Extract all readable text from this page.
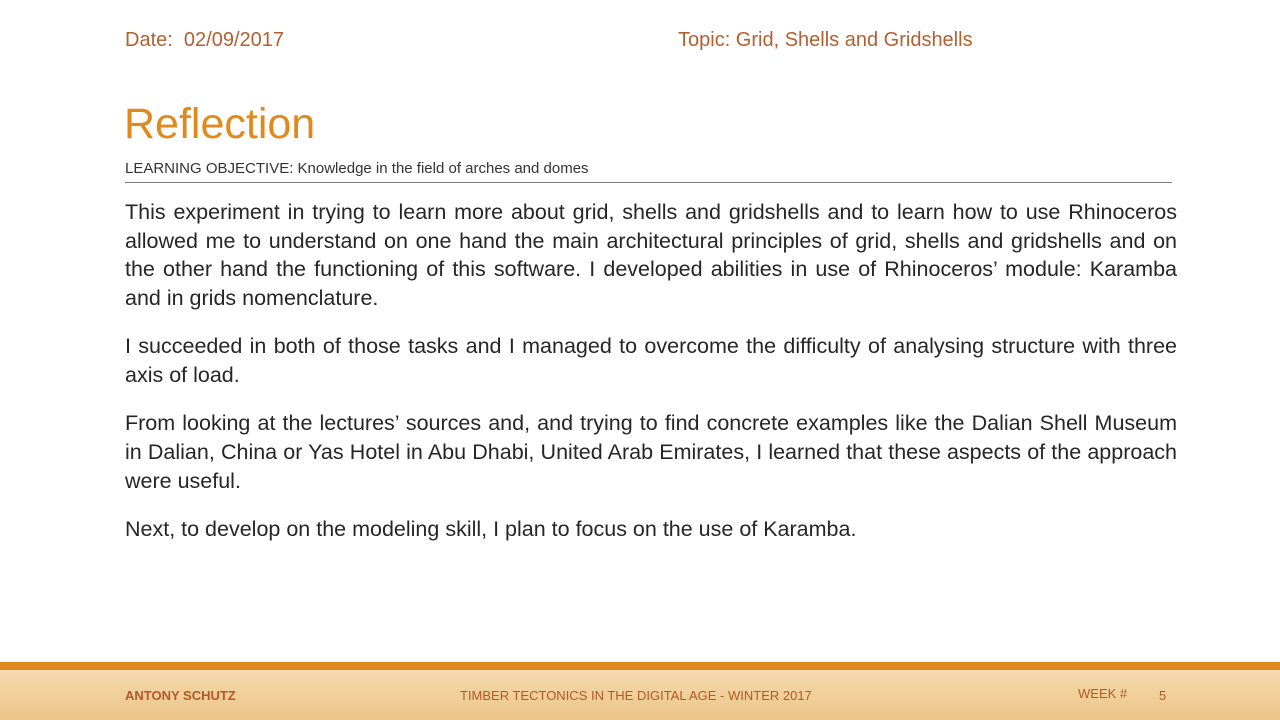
Date:  02/09/2017	Topic: Grid, Shells and Gridshells
Reflection
LEARNING OBJECTIVE: Knowledge in the field of arches and domes

This experiment in trying to learn more about grid, shells and gridshells and to learn how to use Rhinoceros allowed me to understand on one hand the main architectural principles of grid, shells and gridshells and on the other hand the functioning of this software. I developed abilities in use of Rhinoceros’ module: Karamba and in grids nomenclature.

I succeeded in both of those tasks and I managed to overcome the difficulty of analysing structure with three axis of load.

From looking at the lectures’ sources and, and trying to find concrete examples like the Dalian Shell Museum in Dalian, China or Yas Hotel in Abu Dhabi, United Arab Emirates, I learned that these aspects of the approach were useful.

Next, to develop on the modeling skill, I plan to focus on the use of Karamba.

ANTONY SCHUTZ	TIMBER TECTONICS IN THE DIGITAL AGE - WINTER 2017	WEEK # 5
